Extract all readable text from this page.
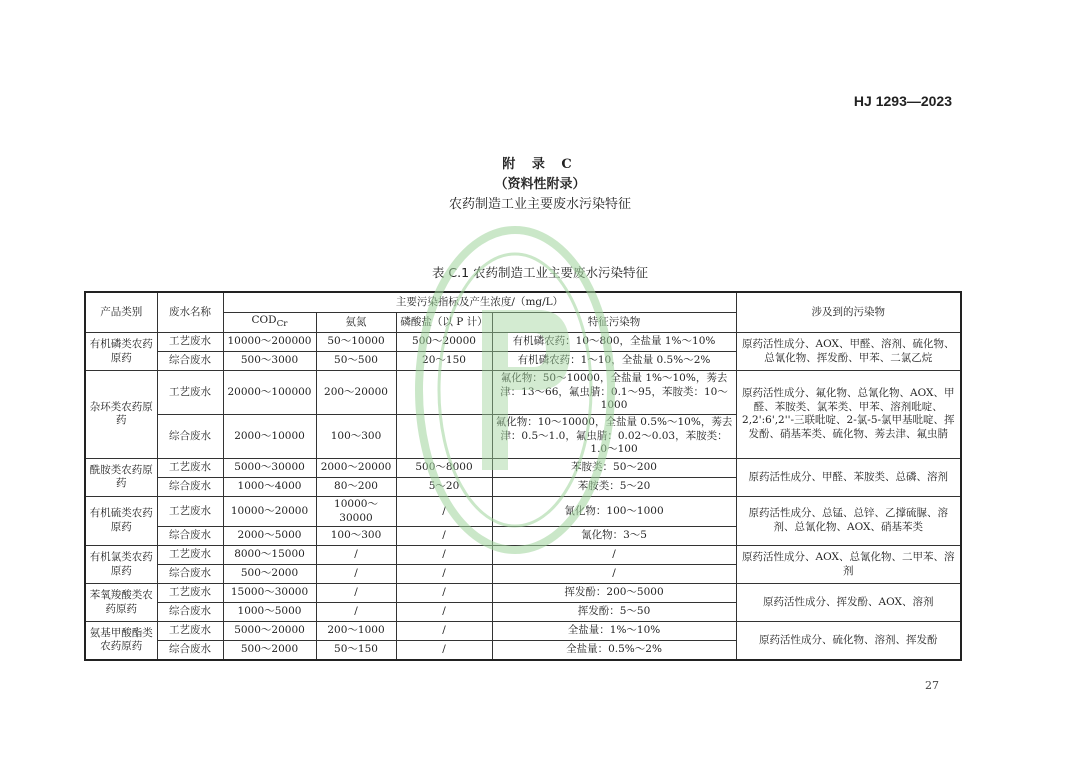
HJ 1293—2023
附 录 C
（资料性附录）
农药制造工业主要废水污染特征
表 C.1 农药制造工业主要废水污染特征
产品类别	废水名称	主要污染指标及产生浓度/（mg/L）				涉及到的污染物
		$COD_{Cr}$	氨氮	磷酸盐（以 P 计）	特征污染物	
有机磷类农药原药	工艺废水	10000～200000	50～10000	500～20000	有机磷农药：10～800，全盐量 1%～10%	原药活性成分、AOX、甲醛、溶剂、硫化物、总氰化物、挥发酚、甲苯、二氯乙烷
	综合废水	500～3000	50～500	20～150	有机磷农药：1～10，全盐量 0.5%～2%	
杂环类农药原药	工艺废水	20000～100000	200～20000		氟化物：50～10000，全盐量 1%～10%，莠去津：13～66，氟虫腈：0.1～95，苯胺类：10～1000	原药活性成分、氟化物、总氰化物、AOX、甲醛、苯胺类、氯苯类、甲苯、溶剂吡啶、2,2':6',2''-三联吡啶、2-氯-5-氯甲基吡啶、挥发酚、硝基苯类、硫化物、莠去津、氟虫腈
	综合废水	2000～10000	100～300		氟化物：10～10000，全盐量 0.5%～10%，莠去津：0.5～1.0，氟虫腈：0.02～0.03，苯胺类：1.0～100	
酰胺类农药原药	工艺废水	5000～30000	2000～20000	500～8000	苯胺类：50～200	原药活性成分、甲醛、苯胺类、总磷、溶剂
	综合废水	1000～4000	80～200	5～20	苯胺类：5～20	
有机硫类农药原药	工艺废水	10000～20000	10000～30000	/	氰化物：100～1000	原药活性成分、总锰、总锌、乙撑硫脲、溶剂、总氰化物、AOX、硝基苯类
	综合废水	2000～5000	100～300	/	氰化物：3～5	
有机氯类农药原药	工艺废水	8000～15000	/	/	/	原药活性成分、AOX、总氰化物、二甲苯、溶剂
	综合废水	500～2000	/	/	/	
苯氧羧酸类农药原药	工艺废水	15000～30000	/	/	挥发酚：200～5000	原药活性成分、挥发酚、AOX、溶剂
	综合废水	1000～5000	/	/	挥发酚：5～50	
氨基甲酸酯类农药原药	工艺废水	5000～20000	200～1000	/	全盐量：1%～10%	原药活性成分、硫化物、溶剂、挥发酚
	综合废水	500～2000	50～150	/	全盐量：0.5%～2%	
27
